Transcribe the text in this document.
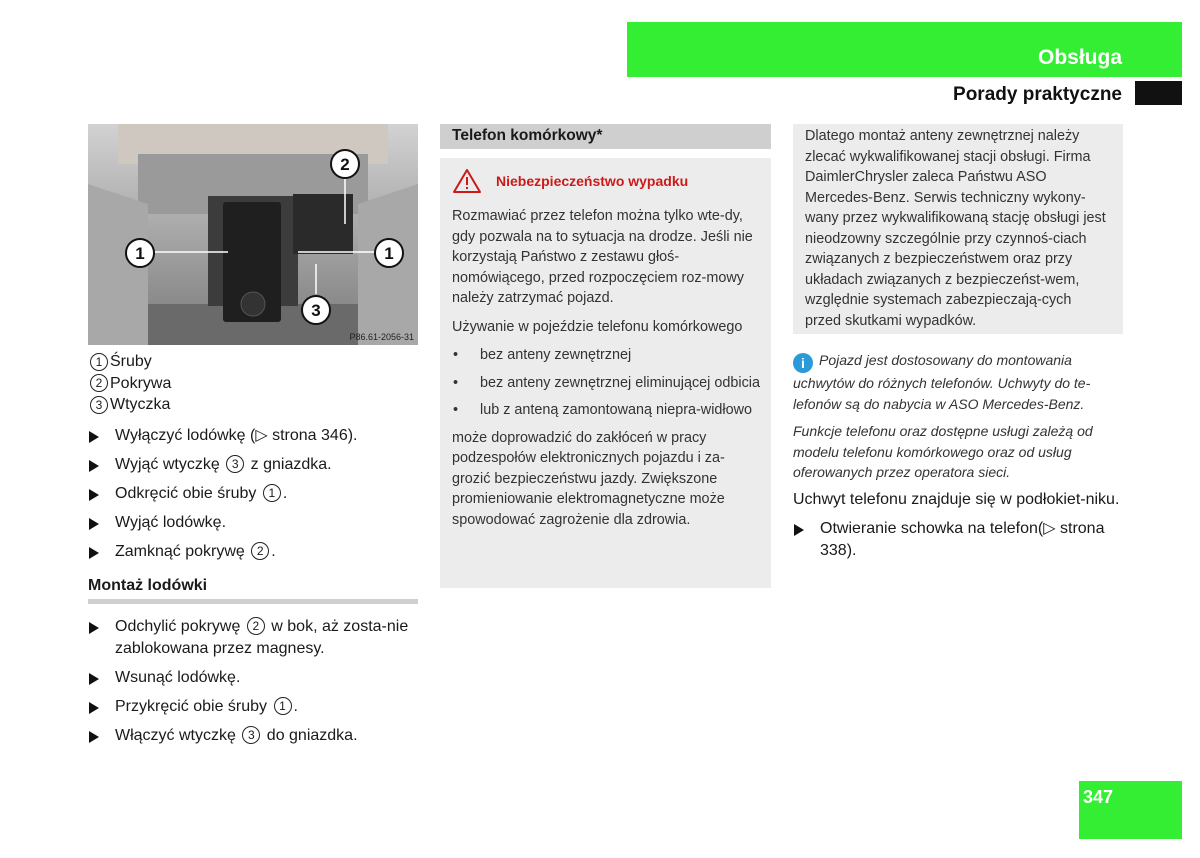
Obsługa
Porady praktyczne
1	1
2
3
P86.61-2056-31
1 Śruby
2 Pokrywa
3 Wtyczka
Wyłączyć lodówkę (▷ strona 346).
Wyjąć wtyczkę 3 z gniazdka.
Odkręcić obie śruby 1 .
Wyjąć lodówkę.
Zamknąć pokrywę 2 .
Montaż lodówki
Odchylić pokrywę 2 w bok, aż zosta-nie zablokowana przez magnesy.
Wsunąć lodówkę.
Przykręcić obie śruby 1 .
Włączyć wtyczkę 3 do gniazdka.
Telefon komórkowy*
Niebezpieczeństwo wypadku

Rozmawiać przez telefon można tylko wte-dy, gdy pozwala na to sytuacja na drodze. Jeśli nie korzystają Państwo z zestawu głoś-nomówiącego, przed rozpoczęciem roz-mowy należy zatrzymać pojazd.

Używanie w pojeździe telefonu komórkowego

• bez anteny zewnętrznej
• bez anteny zewnętrznej eliminującej odbicia
• lub z anteną zamontowaną niepra-widłowo

może doprowadzić do zakłóceń w pracy podzespołów elektronicznych pojazdu i za-grozić bezpieczeństwu jazdy. Zwiększone promieniowanie elektromagnetyczne może spowodować zagrożenie dla zdrowia.

Dlatego montaż anteny zewnętrznej należy zlecać wykwalifikowanej stacji obsługi. Firma DaimlerChrysler zaleca Państwu ASO Mercedes-Benz. Serwis techniczny wykony-wany przez wykwalifikowaną stację obsługi jest nieodzowny szczególnie przy czynnoś-ciach związanych z bezpieczeństwem oraz przy układach związanych z bezpieczeńst-wem, względnie systemach zabezpieczają-cych przed skutkami wypadków.

i Pojazd jest dostosowany do montowania uchwytów do różnych telefonów. Uchwyty do te-lefonów są do nabycia w ASO Mercedes-Benz.

Funkcje telefonu oraz dostępne usługi zależą od modelu telefonu komórkowego oraz od usług oferowanych przez operatora sieci.

Uchwyt telefonu znajduje się w podłokiet-niku.

Otwieranie schowka na telefon(▷ strona 338).
347
